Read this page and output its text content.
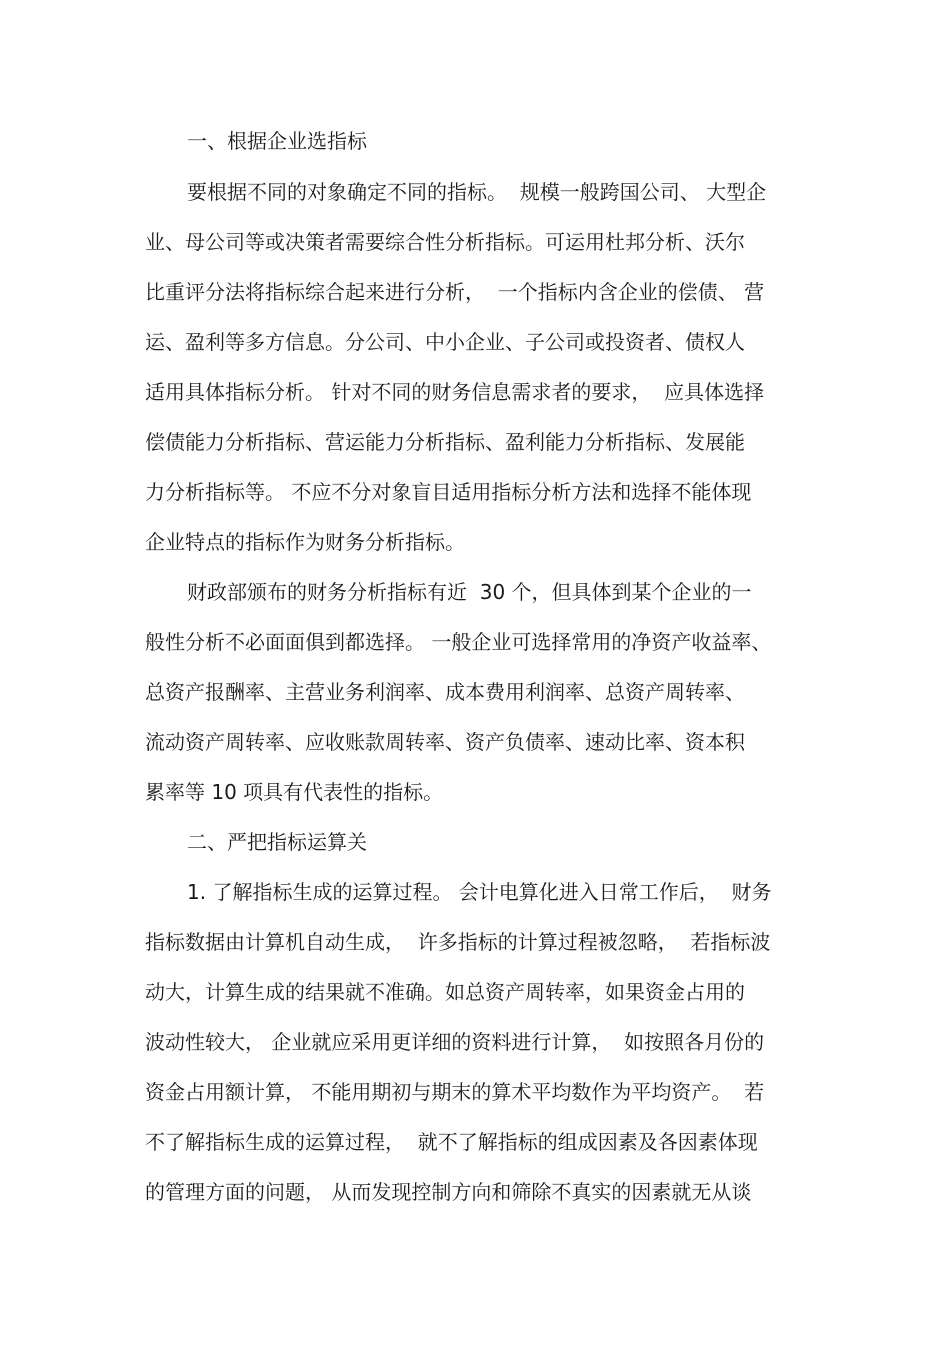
一、根据企业选指标
要根据不同的对象确定不同的指标。  规模一般跨国公司、 大型企
业、母公司等或决策者需要综合性分析指标。可运用杜邦分析、沃尔
比重评分法将指标综合起来进行分析，  一个指标内含企业的偿债、 营
运、盈利等多方信息。分公司、中小企业、子公司或投资者、债权人
适用具体指标分析。 针对不同的财务信息需求者的要求，  应具体选择
偿债能力分析指标、营运能力分析指标、盈利能力分析指标、发展能
力分析指标等。 不应不分对象盲目适用指标分析方法和选择不能体现
企业特点的指标作为财务分析指标。
财政部颁布的财务分析指标有近  30 个，但具体到某个企业的一
般性分析不必面面俱到都选择。 一般企业可选择常用的净资产收益率、
总资产报酬率、主营业务利润率、成本费用利润率、总资产周转率、
流动资产周转率、应收账款周转率、资产负债率、速动比率、资本积
累率等 10 项具有代表性的指标。
二、严把指标运算关
1. 了解指标生成的运算过程。 会计电算化进入日常工作后，  财务
指标数据由计算机自动生成，  许多指标的计算过程被忽略，  若指标波
动大，计算生成的结果就不准确。如总资产周转率，如果资金占用的
波动性较大， 企业就应采用更详细的资料进行计算，  如按照各月份的
资金占用额计算， 不能用期初与期末的算术平均数作为平均资产。  若
不了解指标生成的运算过程，  就不了解指标的组成因素及各因素体现
的管理方面的问题， 从而发现控制方向和筛除不真实的因素就无从谈
